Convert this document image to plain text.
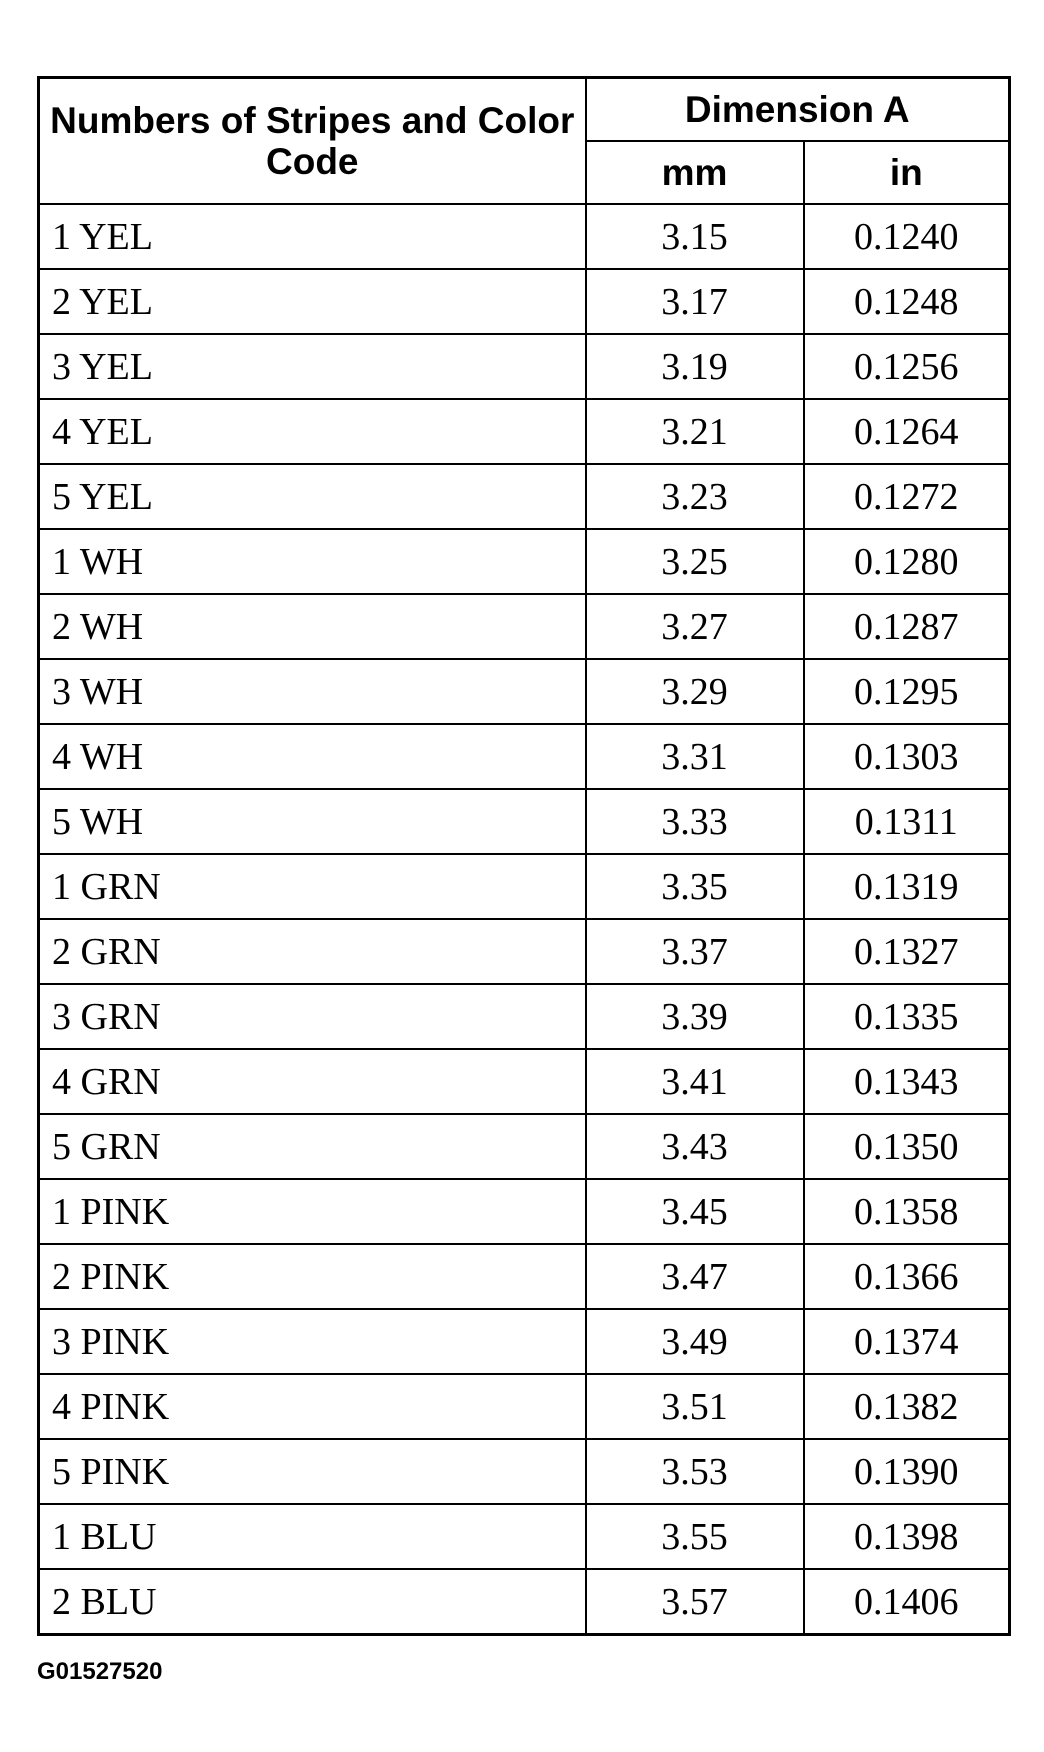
Numbers of Stripes and Color Code	Dimension A	
	mm	in
1 YEL	3.15	0.1240
2 YEL	3.17	0.1248
3 YEL	3.19	0.1256
4 YEL	3.21	0.1264
5 YEL	3.23	0.1272
1 WH	3.25	0.1280
2 WH	3.27	0.1287
3 WH	3.29	0.1295
4 WH	3.31	0.1303
5 WH	3.33	0.1311
1 GRN	3.35	0.1319
2 GRN	3.37	0.1327
3 GRN	3.39	0.1335
4 GRN	3.41	0.1343
5 GRN	3.43	0.1350
1 PINK	3.45	0.1358
2 PINK	3.47	0.1366
3 PINK	3.49	0.1374
4 PINK	3.51	0.1382
5 PINK	3.53	0.1390
1 BLU	3.55	0.1398
2 BLU	3.57	0.1406
G01527520
